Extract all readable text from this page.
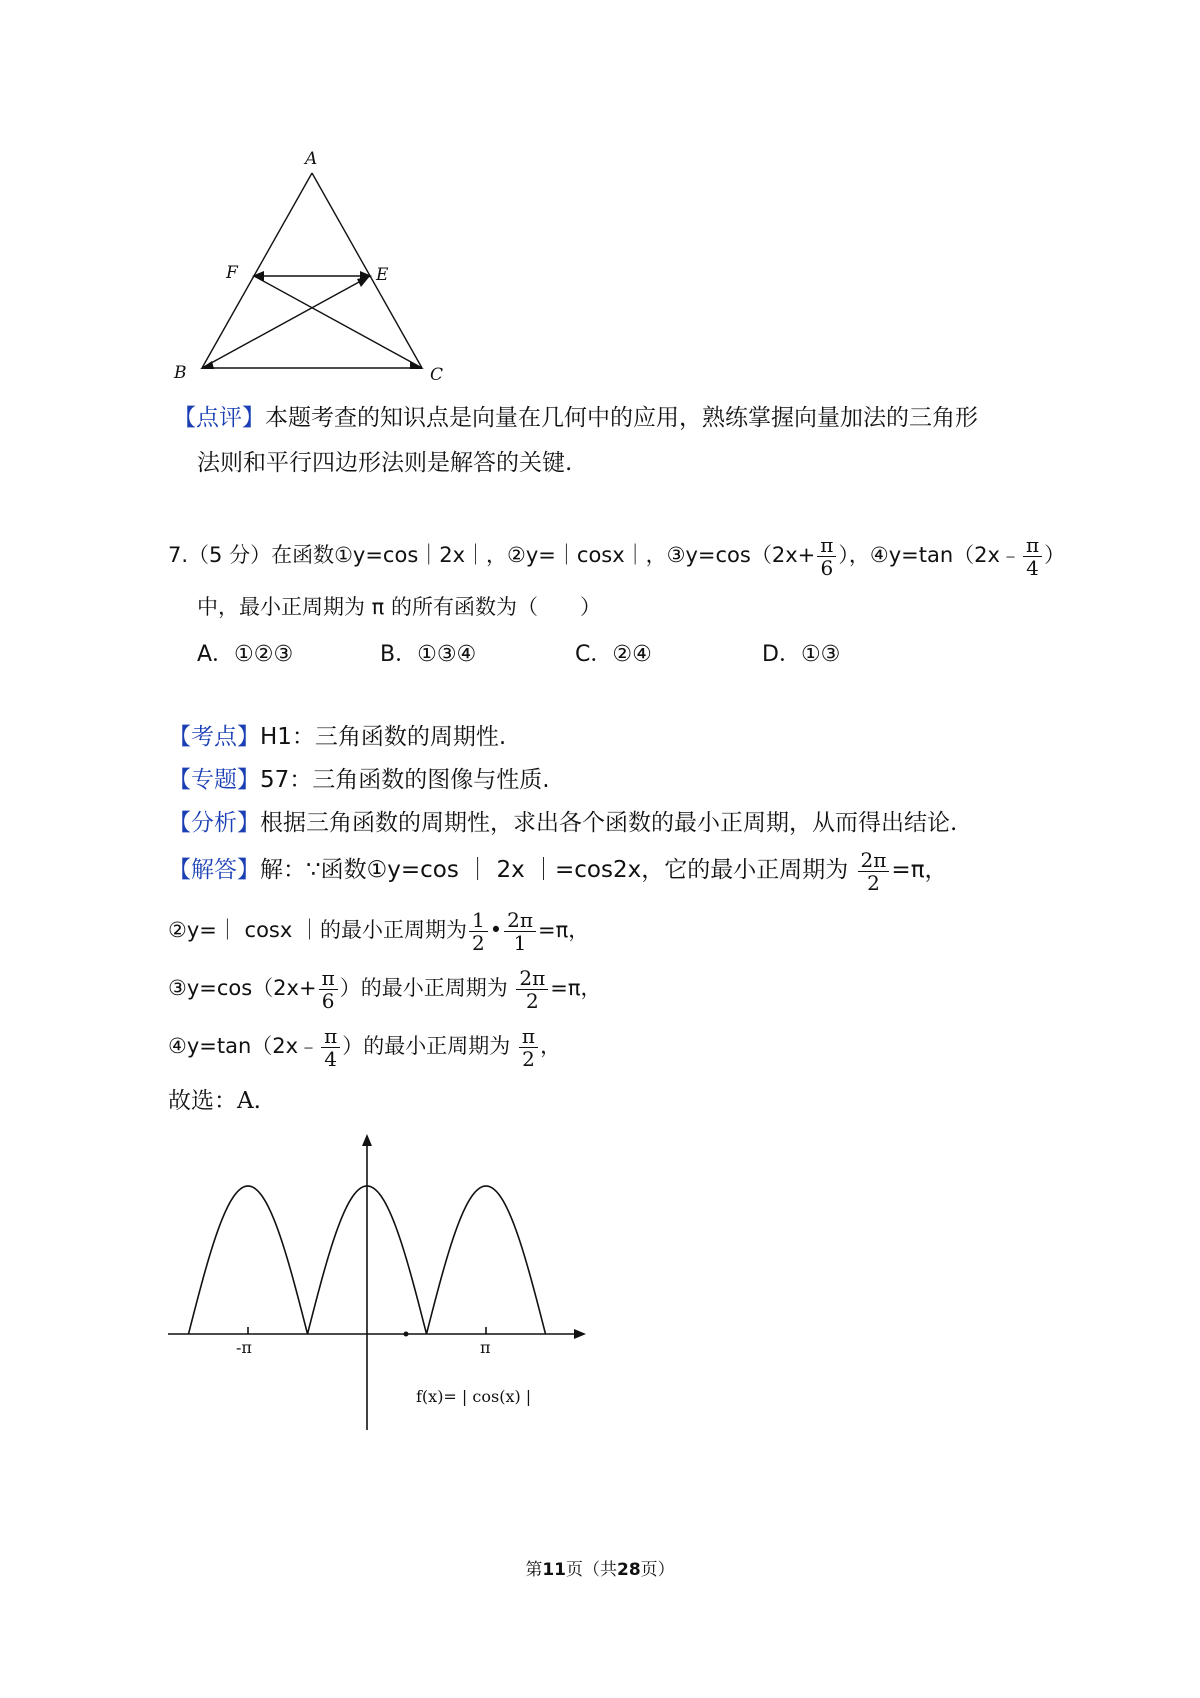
A
F	E
B	C
【点评】本题考查的知识点是向量在几何中的应用，熟练掌握向量加法的三角形
法则和平行四边形法则是解答的关键.
7.（5 分）在函数①y=cos｜2x｜，②y=｜cosx｜，③y=cos（2x+ $\frac{\pi}{6}$ ），④y=tan（2x﹣ $\frac{\pi}{4}$ ）
中，最小正周期为 π 的所有函数为（　　）
A．①②③	B．①③④	C．②④	D．①③
【考点】H1：三角函数的周期性.
【专题】57：三角函数的图像与性质.
【分析】根据三角函数的周期性，求出各个函数的最小正周期，从而得出结论.
【解答】解：∵函数①y=cos ｜ 2x ｜=cos2x，它的最小正周期为 $\frac{2\pi}{2} =\pi$，
②y=｜ cosx ｜的最小正周期为 $\frac{1}{2}$ • $\frac{2\pi}{1} =\pi$，
③y=cos（2x+ $\frac{\pi}{6}$ ）的最小正周期为 $\frac{2\pi}{2} =\pi$，
④y=tan（2x﹣ $\frac{\pi}{4}$ ）的最小正周期为 $\frac{\pi}{2}$ ，
故选：A.
-π	π
f(x)= | cos(x) |
第11页（共28页）
